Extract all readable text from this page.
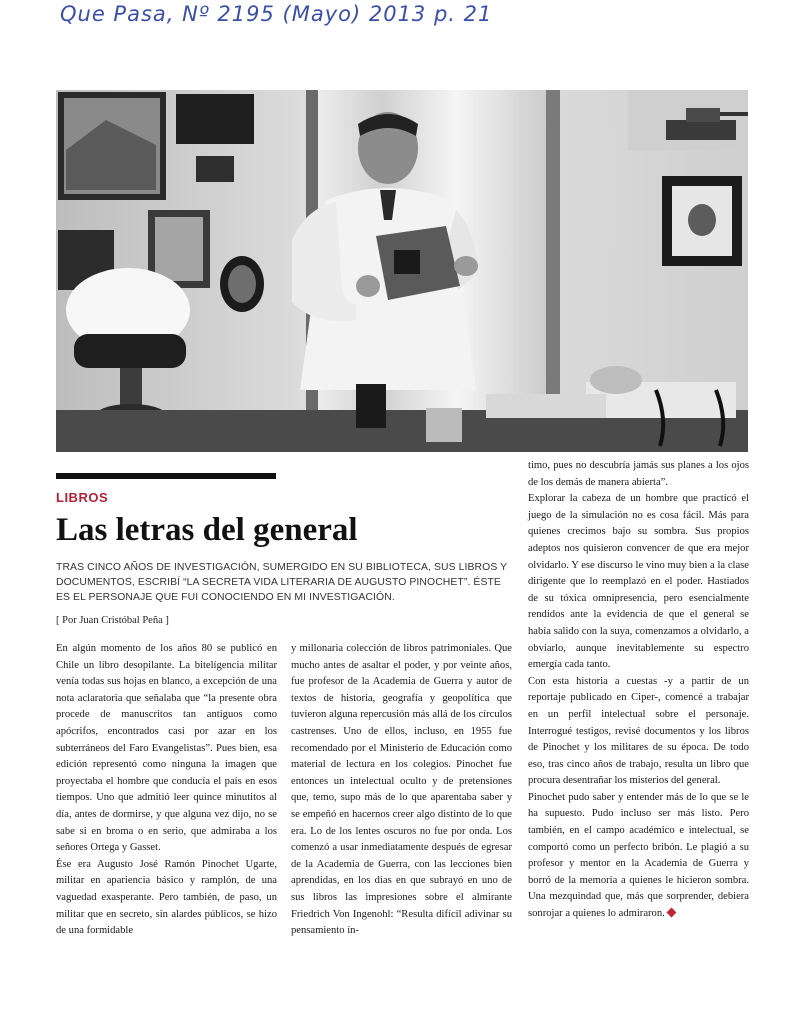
Que Pasa, Nº 2195 (Mayo) 2013 p. 21
LIBROS
Las letras del general
TRAS CINCO AÑOS DE INVESTIGACIÓN, SUMERGIDO EN SU BIBLIOTECA, SUS LIBROS Y DOCUMENTOS, ESCRIBÍ “LA SECRETA VIDA LITERARIA DE AUGUSTO PINOCHET”. ÉSTE ES EL PERSONAJE QUE FUI CONOCIENDO EN MI INVESTIGACIÓN.
[ Por Juan Cristóbal Peña ]

En algún momento de los años 80 se publicó en Chile un libro desopilante. La bitelígencia militar venía todas sus hojas en blanco, a excepción de una nota aclaratoria que señalaba que “la presente obra procede de manuscritos tan antiguos como apócrifos, encontrados casi por azar en los subterráneos del Faro Evangelistas”. Pues bien, esa edición representó como ninguna la imagen que proyectaba el hombre que conducía el país en esos tiempos. Uno que admitió leer quince minutitos al día, antes de dormirse, y que alguna vez dijo, no se sabe si en broma o en serio, que admiraba a los señores Ortega y Gasset.

Ése era Augusto José Ramón Pinochet Ugarte, militar en apariencia básico y ramplón, de una vaguedad exasperante. Pero también, de paso, un militar que en secreto, sin alardes públicos, se hizo de una formidable

y millonaria colección de libros patrimoniales. Que mucho antes de asaltar el poder, y por veinte años, fue profesor de la Academia de Guerra y autor de textos de historia, geografía y geopolítica que tuvieron alguna repercusión más allá de los círculos castrenses. Uno de ellos, incluso, en 1955 fue recomendado por el Ministerio de Educación como material de lectura en los colegios. Pinochet fue entonces un intelectual oculto y de pretensiones que, temo, supo más de lo que aparentaba saber y se empeñó en hacernos creer algo distinto de lo que era. Lo de los lentes oscuros no fue por onda. Los comenzó a usar inmediatamente después de egresar de la Academia de Guerra, con las lecciones bien aprendidas, en los días en que subrayó en uno de sus libros las impresiones sobre el almirante Friedrich Von Ingenohl: “Resulta difícil adivinar su pensamiento ín-

timo, pues no descubría jamás sus planes a los ojos de los demás de manera abierta”.

Explorar la cabeza de un hombre que practicó el juego de la simulación no es cosa fácil. Más para quienes crecimos bajo su sombra. Sus propios adeptos nos quisieron convencer de que era mejor olvidarlo. Y ese discurso le vino muy bien a la clase dirigente que lo reemplazó en el poder. Hastiados de su tóxica omnipresencia, pero esencialmente rendidos ante la evidencia de que el general se había salido con la suya, comenzamos a olvidarlo, a obviarlo, aunque inevitablemente su espectro emergía cada tanto.

Con esta historia a cuestas -y a partir de un reportaje publicado en Ciper-, comencé a trabajar en un perfil intelectual sobre el personaje. Interrogué testigos, revisé documentos y los libros de Pinochet y los militares de su época. De todo eso, tras cinco años de trabajo, resulta un libro que procura desentrañar los misterios del general.

Pinochet pudo saber y entender más de lo que se le ha supuesto. Pudo incluso ser más listo. Pero también, en el campo académico e intelectual, se comportó como un perfecto bribón. Le plagió a su profesor y mentor en la Academia de Guerra y borró de la memoria a quienes le hicieron sombra. Una mezquindad que, más que sorprender, debiera sonrojar a quienes lo admiraron.
